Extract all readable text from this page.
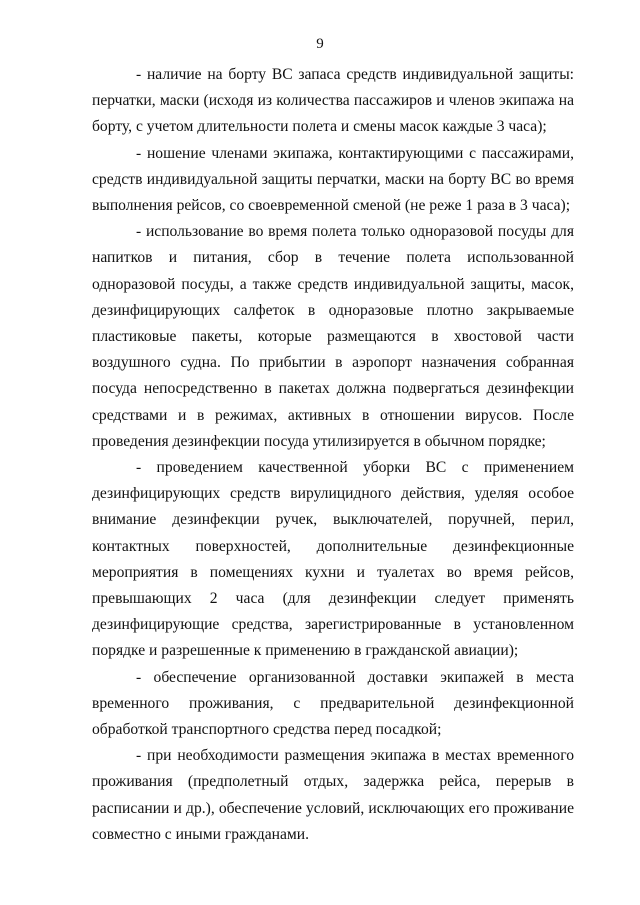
9

- наличие на борту ВС запаса средств индивидуальной защиты: перчатки, маски (исходя из количества пассажиров и членов экипажа на борту, с учетом длительности полета и смены масок каждые 3 часа);

- ношение членами экипажа, контактирующими с пассажирами, средств индивидуальной защиты перчатки, маски на борту ВС во время выполнения рейсов, со своевременной сменой (не реже 1 раза в 3 часа);

- использование во время полета только одноразовой посуды для напитков и питания, сбор в течение полета использованной одноразовой посуды, а также средств индивидуальной защиты, масок, дезинфицирующих салфеток в одноразовые плотно закрываемые пластиковые пакеты, которые размещаются в хвостовой части воздушного судна. По прибытии в аэропорт назначения собранная посуда непосредственно в пакетах должна подвергаться дезинфекции средствами и в режимах, активных в отношении вирусов. После проведения дезинфекции посуда утилизируется в обычном порядке;

- проведением качественной уборки ВС с применением дезинфицирующих средств вирулицидного действия, уделяя особое внимание дезинфекции ручек, выключателей, поручней, перил, контактных поверхностей, дополнительные дезинфекционные мероприятия в помещениях кухни и туалетах во время рейсов, превышающих 2 часа (для дезинфекции следует применять дезинфицирующие средства, зарегистрированные в установленном порядке и разрешенные к применению в гражданской авиации);

- обеспечение организованной доставки экипажей в места временного проживания, с предварительной дезинфекционной обработкой транспортного средства перед посадкой;

- при необходимости размещения экипажа в местах временного проживания (предполетный отдых, задержка рейса, перерыв в расписании и др.), обеспечение условий, исключающих его проживание совместно с иными гражданами.
